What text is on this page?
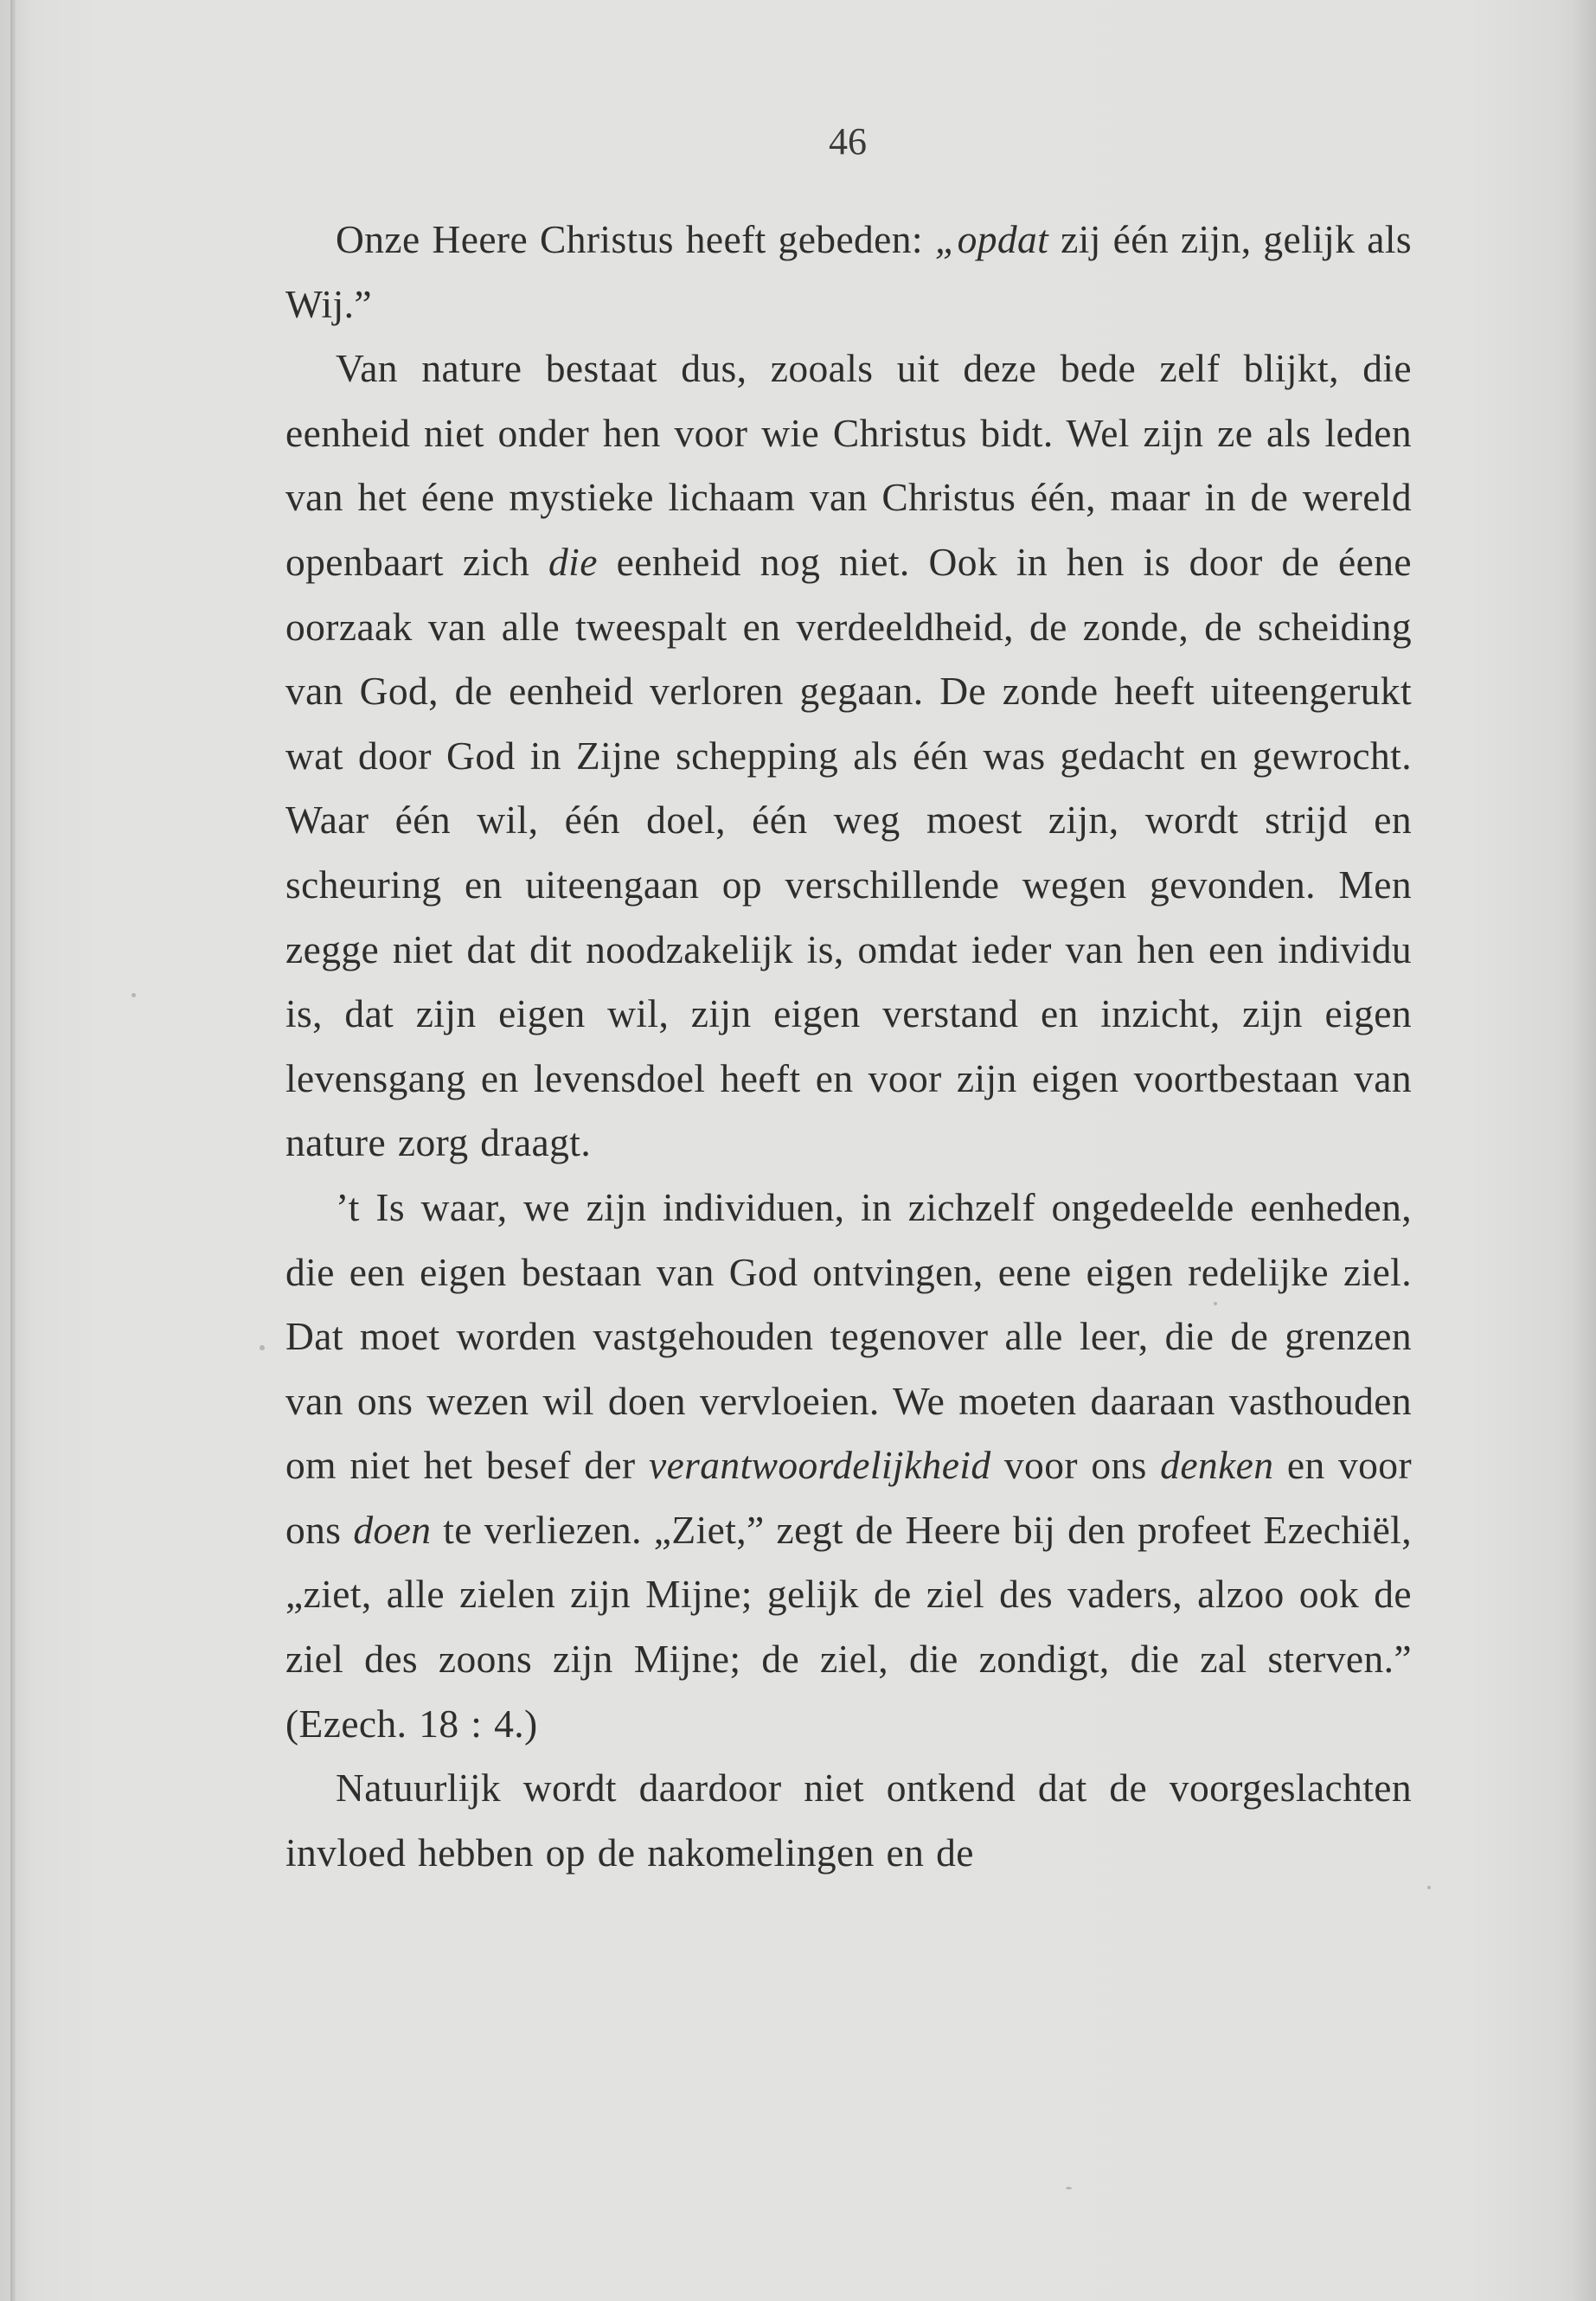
46

Onze Heere Christus heeft gebeden: „opdat zij één zijn, gelijk als Wij.”

Van nature bestaat dus, zooals uit deze bede zelf blijkt, die eenheid niet onder hen voor wie Christus bidt. Wel zijn ze als leden van het éene mystieke lichaam van Christus één, maar in de wereld openbaart zich die eenheid nog niet. Ook in hen is door de éene oorzaak van alle tweespalt en verdeeldheid, de zonde, de scheiding van God, de eenheid verloren gegaan. De zonde heeft uiteengerukt wat door God in Zijne schepping als één was gedacht en gewrocht. Waar één wil, één doel, één weg moest zijn, wordt strijd en scheuring en uiteengaan op verschillende wegen gevonden. Men zegge niet dat dit noodzakelijk is, omdat ieder van hen een individu is, dat zijn eigen wil, zijn eigen verstand en inzicht, zijn eigen levensgang en levensdoel heeft en voor zijn eigen voortbestaan van nature zorg draagt.

’t Is waar, we zijn individuen, in zichzelf ongedeelde eenheden, die een eigen bestaan van God ontvingen, eene eigen redelijke ziel. Dat moet worden vastgehouden tegenover alle leer, die de grenzen van ons wezen wil doen vervloeien. We moeten daaraan vasthouden om niet het besef der verantwoordelijkheid voor ons denken en voor ons doen te verliezen. „Ziet,” zegt de Heere bij den profeet Ezechiël, „ziet, alle zielen zijn Mijne; gelijk de ziel des vaders, alzoo ook de ziel des zoons zijn Mijne; de ziel, die zondigt, die zal sterven.” (Ezech. 18 : 4.)

Natuurlijk wordt daardoor niet ontkend dat de voorgeslachten invloed hebben op de nakomelingen en de
